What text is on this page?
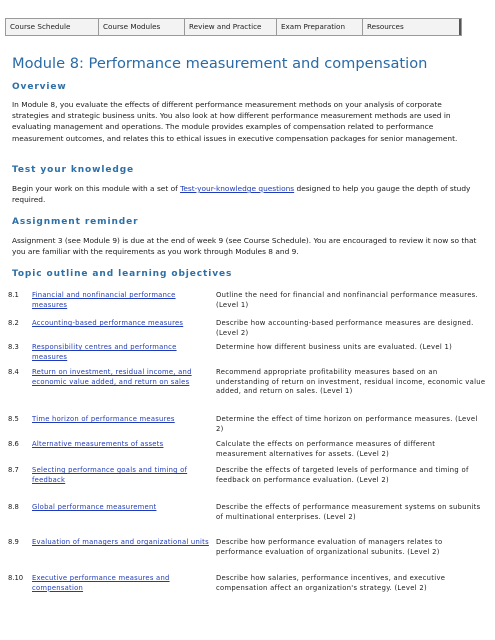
Course Schedule	Course Modules	Review and Practice	Exam Preparation	Resources
Module 8: Performance measurement and compensation
Overview

In Module 8, you evaluate the effects of different performance measurement methods on your analysis of corporate strategies and strategic business units. You also look at how different performance measurement methods are used in evaluating management and operations. The module provides examples of compensation related to performance measurement outcomes, and relates this to ethical issues in executive compensation packages for senior management.

Test your knowledge

Begin your work on this module with a set of Test-your-knowledge questions designed to help you gauge the depth of study required.

Assignment reminder

Assignment 3 (see Module 9) is due at the end of week 9 (see Course Schedule). You are encouraged to review it now so that you are familiar with the requirements as you work through Modules 8 and 9.

Topic outline and learning objectives
8.1 Financial and nonfinancial performance measures
Outline the need for financial and nonfinancial performance measures. (Level 1)
8.2 Accounting-based performance measures	Describe how accounting-based performance measures are designed. (Level 2)
8.3 Responsibility centres and performance measures
Determine how different business units are evaluated. (Level 1)
8.4 Return on investment, residual income, and economic value added, and return on sales
Recommend appropriate profitability measures based on an understanding of return on investment, residual income, economic value added, and return on sales. (Level 1)
8.5 Time horizon of performance measures	Determine the effect of time horizon on performance measures. (Level 2)
8.6 Alternative measurements of assets	Calculate the effects on performance measures of different measurement alternatives for assets. (Level 2)
8.7 Selecting performance goals and timing of feedback
Describe the effects of targeted levels of performance and timing of feedback on performance evaluation. (Level 2)
8.8 Global performance measurement	Describe the effects of performance measurement systems on subunits of multinational enterprises. (Level 2)
8.9 Evaluation of managers and organizational units	Describe how performance evaluation of managers relates to performance evaluation of organizational subunits. (Level 2)
8.10 Executive performance measures and compensation
Describe how salaries, performance incentives, and executive compensation affect an organization's strategy. (Level 2)
